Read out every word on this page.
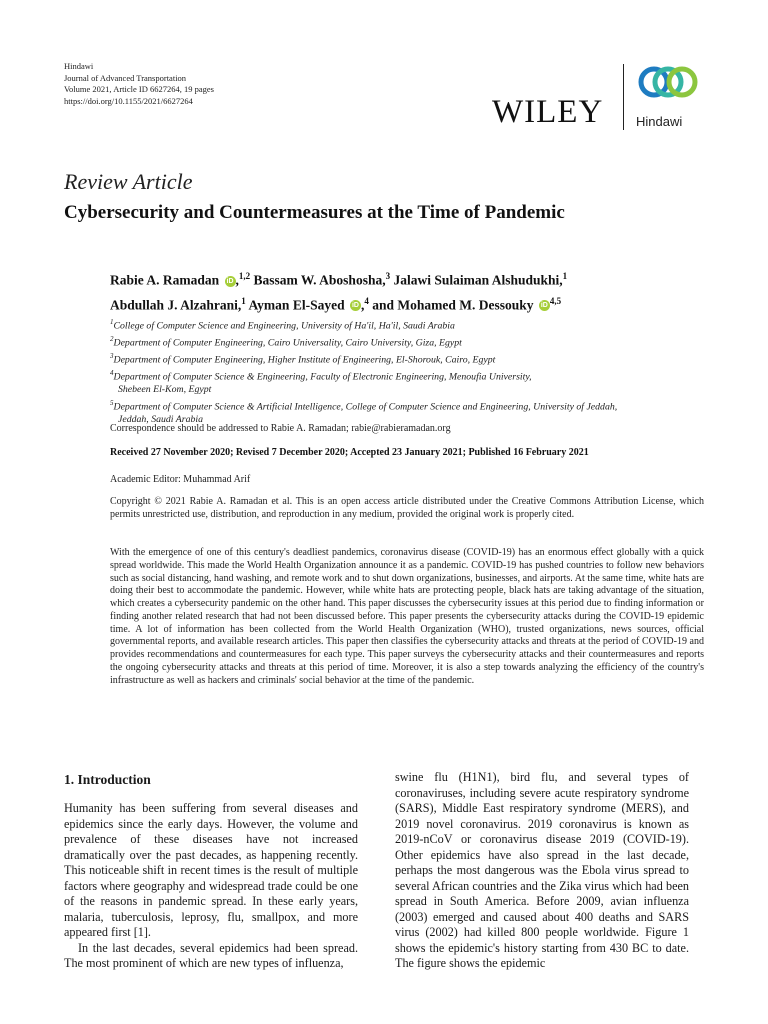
Hindawi
Journal of Advanced Transportation
Volume 2021, Article ID 6627264, 19 pages
https://doi.org/10.1155/2021/6627264	WILEY	Hindawi
Review Article
Cybersecurity and Countermeasures at the Time of Pandemic
Rabie A. Ramadan iD ,$^{1,2}$ Bassam W. Aboshosha,$^3$ Jalawi Sulaiman Alshudukhi,$^1$
Abdullah J. Alzahrani,$^1$ Ayman El-Sayed iD ,$^4$ and Mohamed M. Dessouky iD$^{4,5}$
$^1$College of Computer Science and Engineering, University of Ha'il, Ha'il, Saudi Arabia
$^2$Department of Computer Engineering, Cairo Universality, Cairo University, Giza, Egypt
$^3$Department of Computer Engineering, Higher Institute of Engineering, El-Shorouk, Cairo, Egypt
$^4$Department of Computer Science & Engineering, Faculty of Electronic Engineering, Menoufia University,
Shebeen El-Kom, Egypt
$^5$Department of Computer Science & Artificial Intelligence, College of Computer Science and Engineering, University of Jeddah,
Jeddah, Saudi Arabia
Correspondence should be addressed to Rabie A. Ramadan; rabie@rabieramadan.org
Received 27 November 2020; Revised 7 December 2020; Accepted 23 January 2021; Published 16 February 2021
Academic Editor: Muhammad Arif
Copyright © 2021 Rabie A. Ramadan et al. This is an open access article distributed under the Creative Commons Attribution License, which permits unrestricted use, distribution, and reproduction in any medium, provided the original work is properly cited.
With the emergence of one of this century's deadliest pandemics, coronavirus disease (COVID-19) has an enormous effect globally with a quick spread worldwide. This made the World Health Organization announce it as a pandemic. COVID-19 has pushed countries to follow new behaviors such as social distancing, hand washing, and remote work and to shut down organizations, businesses, and airports. At the same time, white hats are doing their best to accommodate the pandemic. However, while white hats are protecting people, black hats are taking advantage of the situation, which creates a cybersecurity pandemic on the other hand. This paper discusses the cybersecurity issues at this period due to finding information or finding another related research that had not been discussed before. This paper presents the cybersecurity attacks during the COVID-19 epidemic time. A lot of information has been collected from the World Health Organization (WHO), trusted organizations, news sources, official governmental reports, and available research articles. This paper then classifies the cybersecurity attacks and threats at the period of COVID-19 and provides recommendations and countermeasures for each type. This paper surveys the cybersecurity attacks and their countermeasures and reports the ongoing cybersecurity attacks and threats at this period of time. Moreover, it is also a step towards analyzing the efficiency of the country's infrastructure as well as hackers and criminals' social behavior at the time of the pandemic.
1. Introduction

Humanity has been suffering from several diseases and epidemics since the early days. However, the volume and prevalence of these diseases have not increased dramatically over the past decades, as happening recently. This noticeable shift in recent times is the result of multiple factors where geography and widespread trade could be one of the reasons in pandemic spread. In these early years, malaria, tuberculosis, leprosy, flu, smallpox, and more appeared first [1].

In the last decades, several epidemics had been spread. The most prominent of which are new types of influenza,

swine flu (H1N1), bird flu, and several types of coronaviruses, including severe acute respiratory syndrome (SARS), Middle East respiratory syndrome (MERS), and 2019 novel coronavirus. 2019 coronavirus is known as 2019-nCoV or coronavirus disease 2019 (COVID-19). Other epidemics have also spread in the last decade, perhaps the most dangerous was the Ebola virus spread to several African countries and the Zika virus which had been spread in South America. Before 2009, avian influenza (2003) emerged and caused about 400 deaths and SARS virus (2002) had killed 800 people worldwide. Figure 1 shows the epidemic's history starting from 430 BC to date. The figure shows the epidemic
